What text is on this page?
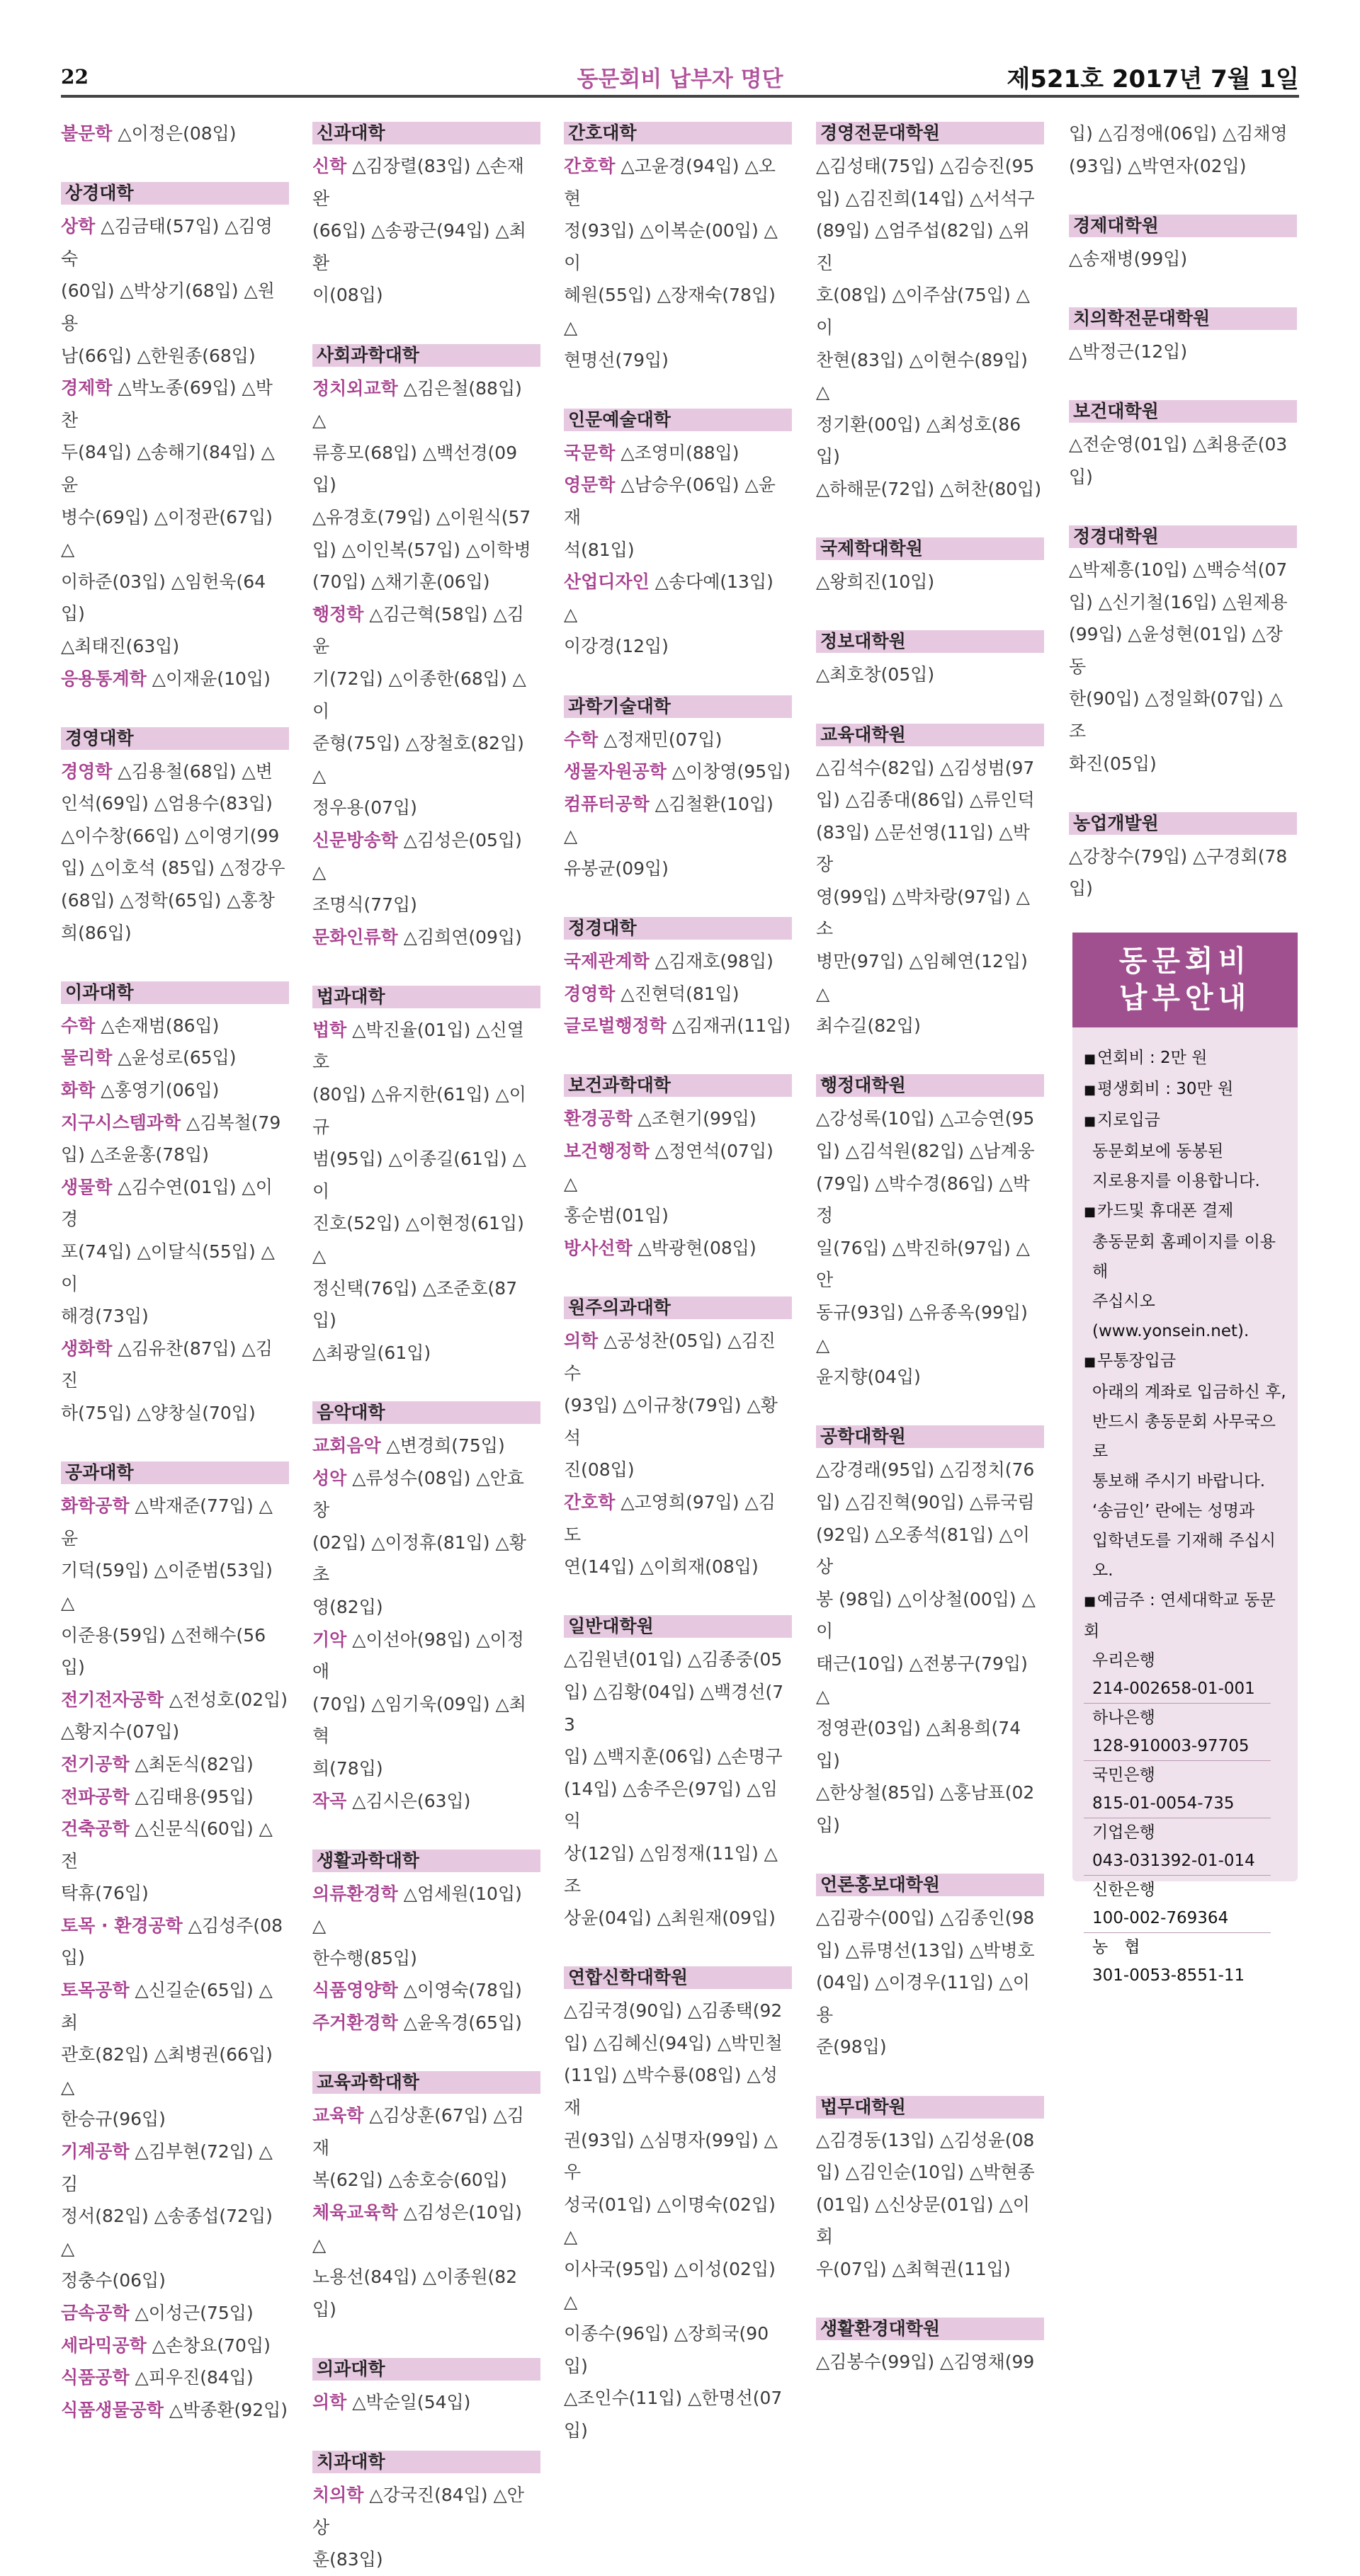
22	동문회비 납부자 명단	제521호 2017년 7월 1일
불문학 △이정은(08입)
상경대학
상학 △김금태(57입) △김영숙
(60입) △박상기(68입) △원용
남(66입) △한원종(68입)
경제학 △박노종(69입) △박찬
두(84입) △송해기(84입) △윤
병수(69입) △이정관(67입) △
이하준(03입) △임헌욱(64입)
△최태진(63입)
응용통계학 △이재윤(10입)
경영대학
경영학 △김용철(68입) △변
인석(69입) △엄용수(83입)
△이수창(66입) △이영기(99
입) △이호석 (85입) △정강우
(68입) △정학(65입) △홍창
희(86입)
이과대학
수학 △손재범(86입)
물리학 △윤성로(65입)
화학 △홍영기(06입)
지구시스템과학 △김복철(79
입) △조윤홍(78입)
생물학 △김수연(01입) △이경
포(74입) △이달식(55입) △이
해경(73입)
생화학 △김유찬(87입) △김진
하(75입) △양창실(70입)
공과대학
화학공학 △박재준(77입) △윤
기덕(59입) △이준범(53입) △
이준용(59입) △전해수(56입)
전기전자공학 △전성호(02입)
△황지수(07입)
전기공학 △최돈식(82입)
전파공학 △김태용(95입)
건축공학 △신문식(60입) △전
탁휴(76입)
토목 · 환경공학 △김성주(08
입)
토목공학 △신길순(65입) △최
관호(82입) △최병권(66입) △
한승규(96입)
기계공학 △김부현(72입) △김
정서(82입) △송종섭(72입) △
정충수(06입)
금속공학 △이성근(75입)
세라믹공학 △손창요(70입)
식품공학 △피우진(84입)
식품생물공학 △박종환(92입)
신과대학
신학 △김장렬(83입) △손재완
(66입) △송광근(94입) △최환
이(08입)
사회과학대학
정치외교학 △김은철(88입) △
류흥모(68입) △백선경(09입)
△유경호(79입) △이원식(57
입) △이인복(57입) △이학병
(70입) △채기훈(06입)
행정학 △김근혁(58입) △김윤
기(72입) △이종한(68입) △이
준형(75입) △장철호(82입) △
정우용(07입)
신문방송학 △김성은(05입) △
조명식(77입)
문화인류학 △김희연(09입)
법과대학
법학 △박진율(01입) △신열호
(80입) △유지한(61입) △이규
범(95입) △이종길(61입) △이
진호(52입) △이현정(61입) △
정신택(76입) △조준호(87입)
△최광일(61입)
음악대학
교회음악 △변경희(75입)
성악 △류성수(08입) △안효창
(02입) △이정휴(81입) △황초
영(82입)
기악 △이선아(98입) △이정애
(70입) △임기욱(09입) △최혁
희(78입)
작곡 △김시은(63입)
생활과학대학
의류환경학 △엄세원(10입) △
한수행(85입)
식품영양학 △이영숙(78입)
주거환경학 △윤옥경(65입)
교육과학대학
교육학 △김상훈(67입) △김재
복(62입) △송호승(60입)
체육교육학 △김성은(10입) △
노용선(84입) △이종원(82입)
의과대학
의학 △박순일(54입)
치과대학
치의학 △강국진(84입) △안상
훈(83입)
간호대학
간호학 △고윤경(94입) △오현
정(93입) △이복순(00입) △이
혜원(55입) △장재숙(78입) △
현명선(79입)
인문예술대학
국문학 △조영미(88입)
영문학 △남승우(06입) △윤재
석(81입)
산업디자인 △송다예(13입) △
이강경(12입)
과학기술대학
수학 △정재민(07입)
생물자원공학 △이창영(95입)
컴퓨터공학 △김철환(10입) △
유봉균(09입)
정경대학
국제관계학 △김재호(98입)
경영학 △진현덕(81입)
글로벌행정학 △김재귀(11입)
보건과학대학
환경공학 △조현기(99입)
보건행정학 △정연석(07입) △
홍순범(01입)
방사선학 △박광현(08입)
원주의과대학
의학 △공성찬(05입) △김진수
(93입) △이규창(79입) △황석
진(08입)
간호학 △고영희(97입) △김도
연(14입) △이희재(08입)
일반대학원
△김원년(01입) △김종중(05
입) △김황(04입) △백경선(73
입) △백지훈(06입) △손명구
(14입) △송주은(97입) △임익
상(12입) △임정재(11입) △조
상윤(04입) △최원재(09입)
연합신학대학원
△김국경(90입) △김종택(92
입) △김혜신(94입) △박민철
(11입) △박수룡(08입) △성재
권(93입) △심명자(99입) △우
성국(01입) △이명숙(02입) △
이사국(95입) △이성(02입) △
이종수(96입) △장희국(90입)
△조인수(11입) △한명선(07
입)
경영전문대학원
△김성태(75입) △김승진(95
입) △김진희(14입) △서석구
(89입) △엄주섭(82입) △위진
호(08입) △이주삼(75입) △이
찬현(83입) △이현수(89입) △
정기환(00입) △최성호(86입)
△하해문(72입) △허찬(80입)
국제학대학원
△왕희진(10입)
정보대학원
△최호창(05입)
교육대학원
△김석수(82입) △김성범(97
입) △김종대(86입) △류인덕
(83입) △문선영(11입) △박장
영(99입) △박차랑(97입) △소
병만(97입) △임혜연(12입) △
최수길(82입)
행정대학원
△강성록(10입) △고승연(95
입) △김석원(82입) △남계웅
(79입) △박수경(86입) △박정
일(76입) △박진하(97입) △안
동규(93입) △유종옥(99입) △
윤지향(04입)
공학대학원
△강경래(95입) △김정치(76
입) △김진혁(90입) △류국림
(92입) △오종석(81입) △이상
봉 (98입) △이상철(00입) △이
태근(10입) △전봉구(79입) △
정영관(03입) △최용희(74입)
△한상철(85입) △홍남표(02
입)
언론홍보대학원
△김광수(00입) △김종인(98
입) △류명선(13입) △박병호
(04입) △이경우(11입) △이용
준(98입)
법무대학원
△김경동(13입) △김성윤(08
입) △김인순(10입) △박현종
(01입) △신상문(01입) △이회
우(07입) △최혁권(11입)
생활환경대학원
△김봉수(99입) △김영채(99
입) △김정애(06입) △김채영
(93입) △박연자(02입)
경제대학원
△송재병(99입)
치의학전문대학원
△박정근(12입)
보건대학원
△전순영(01입) △최용준(03
입)
정경대학원
△박제흥(10입) △백승석(07
입) △신기철(16입) △원제용
(99입) △윤성현(01입) △장동
한(90입) △정일화(07입) △조
화진(05입)
농업개발원
△강창수(79입) △구경회(78
입)
동문회비
납부안내
■연회비 : 2만 원
■평생회비 : 30만 원
■지로입금
동문회보에 동봉된
지로용지를 이용합니다.
■카드및 휴대폰 결제
총동문회 홈페이지를 이용해
주십시오(www.yonsein.net).
■무통장입금
아래의 계좌로 입금하신 후,
반드시 총동문회 사무국으로
통보해 주시기 바랍니다.
‘송금인’ 란에는 성명과
입학년도를 기재해 주십시오.
■예금주 : 연세대학교 동문회
우리은행
214-002658-01-001
하나은행
128-910003-97705
국민은행
815-01-0054-735
기업은행
043-031392-01-014
신한은행
100-002-769364
농　협
301-0053-8551-11
